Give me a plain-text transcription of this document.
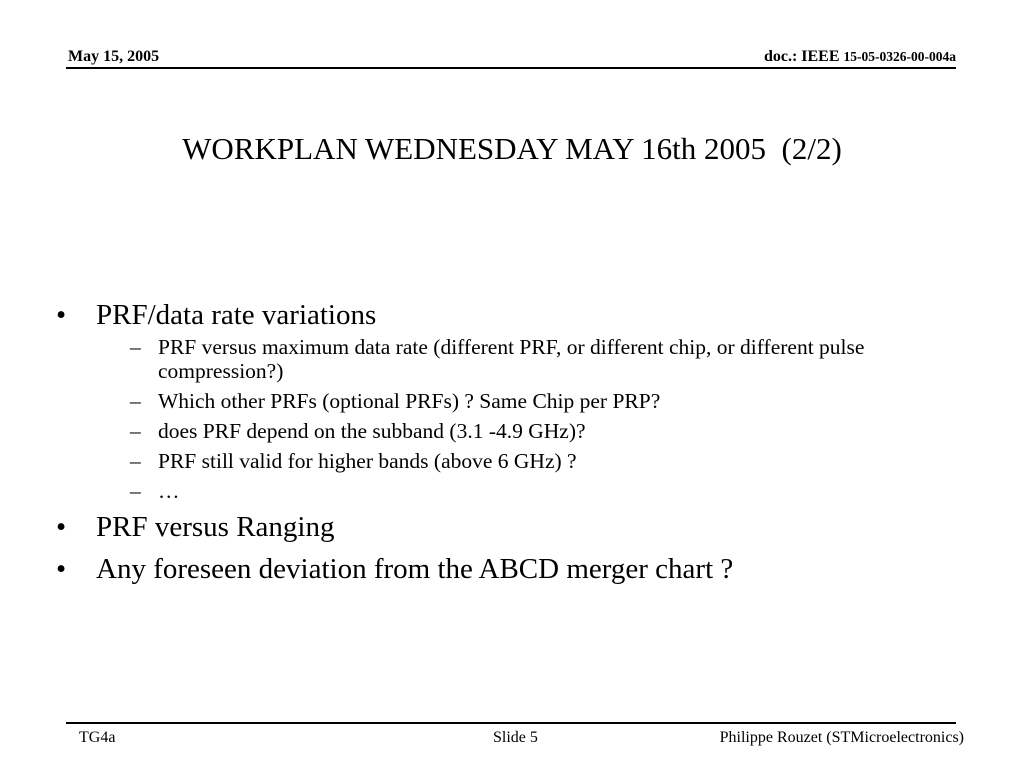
May 15, 2005	doc.: IEEE 15-05-0326-00-004a
WORKPLAN WEDNESDAY MAY 16th 2005  (2/2)
• PRF/data rate variations
– PRF versus maximum data rate (different PRF, or different chip, or different pulse compression?)
– Which other PRFs (optional PRFs) ? Same Chip per PRP?
– does PRF depend on the subband (3.1 -4.9 GHz)?
– PRF still valid for higher bands (above 6 GHz) ?
– …
• PRF versus Ranging
• Any foreseen deviation from the ABCD merger chart ?
TG4a	Slide 5	Philippe Rouzet (STMicroelectronics)
